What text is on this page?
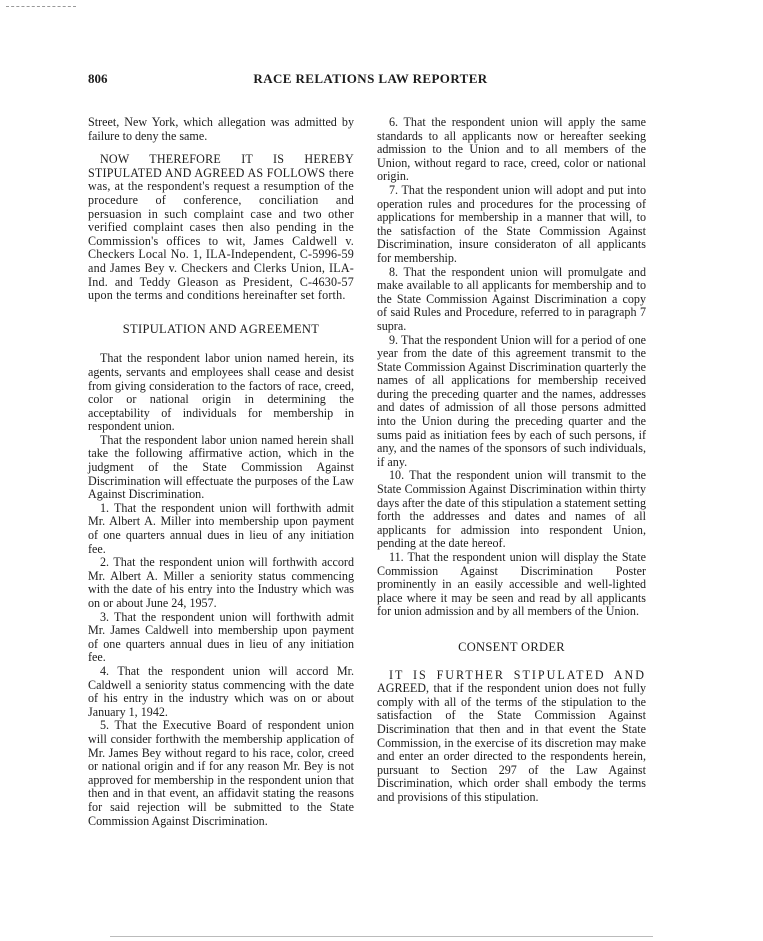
806	RACE RELATIONS LAW REPORTER

Street, New York, which allegation was admitted by failure to deny the same.

NOW THEREFORE IT IS HEREBY STIPULATED AND AGREED AS FOLLOWS there was, at the respondent's request a resumption of the procedure of conference, conciliation and persuasion in such complaint case and two other verified complaint cases then also pending in the Commission's offices to wit, James Caldwell v. Checkers Local No. 1, ILA-Independent, C-5996-59 and James Bey v. Checkers and Clerks Union, ILA-Ind. and Teddy Gleason as President, C-4630-57 upon the terms and conditions hereinafter set forth.

STIPULATION AND AGREEMENT

That the respondent labor union named herein, its agents, servants and employees shall cease and desist from giving consideration to the factors of race, creed, color or national origin in determining the acceptability of individuals for membership in respondent union.

That the respondent labor union named herein shall take the following affirmative action, which in the judgment of the State Commission Against Discrimination will effectuate the purposes of the Law Against Discrimination.

1. That the respondent union will forthwith admit Mr. Albert A. Miller into membership upon payment of one quarters annual dues in lieu of any initiation fee.

2. That the respondent union will forthwith accord Mr. Albert A. Miller a seniority status commencing with the date of his entry into the Industry which was on or about June 24, 1957.

3. That the respondent union will forthwith admit Mr. James Caldwell into membership upon payment of one quarters annual dues in lieu of any initiation fee.

4. That the respondent union will accord Mr. Caldwell a seniority status commencing with the date of his entry in the industry which was on or about January 1, 1942.

5. That the Executive Board of respondent union will consider forthwith the membership application of Mr. James Bey without regard to his race, color, creed or national origin and if for any reason Mr. Bey is not approved for membership in the respondent union that then and in that event, an affidavit stating the reasons for said rejection will be submitted to the State Commission Against Discrimination.

6. That the respondent union will apply the same standards to all applicants now or hereafter seeking admission to the Union and to all members of the Union, without regard to race, creed, color or national origin.

7. That the respondent union will adopt and put into operation rules and procedures for the processing of applications for membership in a manner that will, to the satisfaction of the State Commission Against Discrimination, insure consideraton of all applicants for membership.

8. That the respondent union will promulgate and make available to all applicants for membership and to the State Commission Against Discrimination a copy of said Rules and Procedure, referred to in paragraph 7 supra.

9. That the respondent Union will for a period of one year from the date of this agreement transmit to the State Commission Against Discrimination quarterly the names of all applications for membership received during the preceding quarter and the names, addresses and dates of admission of all those persons admitted into the Union during the preceding quarter and the sums paid as initiation fees by each of such persons, if any, and the names of the sponsors of such individuals, if any.

10. That the respondent union will transmit to the State Commission Against Discrimination within thirty days after the date of this stipulation a statement setting forth the addresses and dates and names of all applicants for admission into respondent Union, pending at the date hereof.

11. That the respondent union will display the State Commission Against Discrimination Poster prominently in an easily accessible and well-lighted place where it may be seen and read by all applicants for union admission and by all members of the Union.

CONSENT ORDER

IT IS FURTHER STIPULATED AND AGREED, that if the respondent union does not fully comply with all of the terms of the stipulation to the satisfaction of the State Commission Against Discrimination that then and in that event the State Commission, in the exercise of its discretion may make and enter an order directed to the respondents herein, pursuant to Section 297 of the Law Against Discrimination, which order shall embody the terms and provisions of this stipulation.
